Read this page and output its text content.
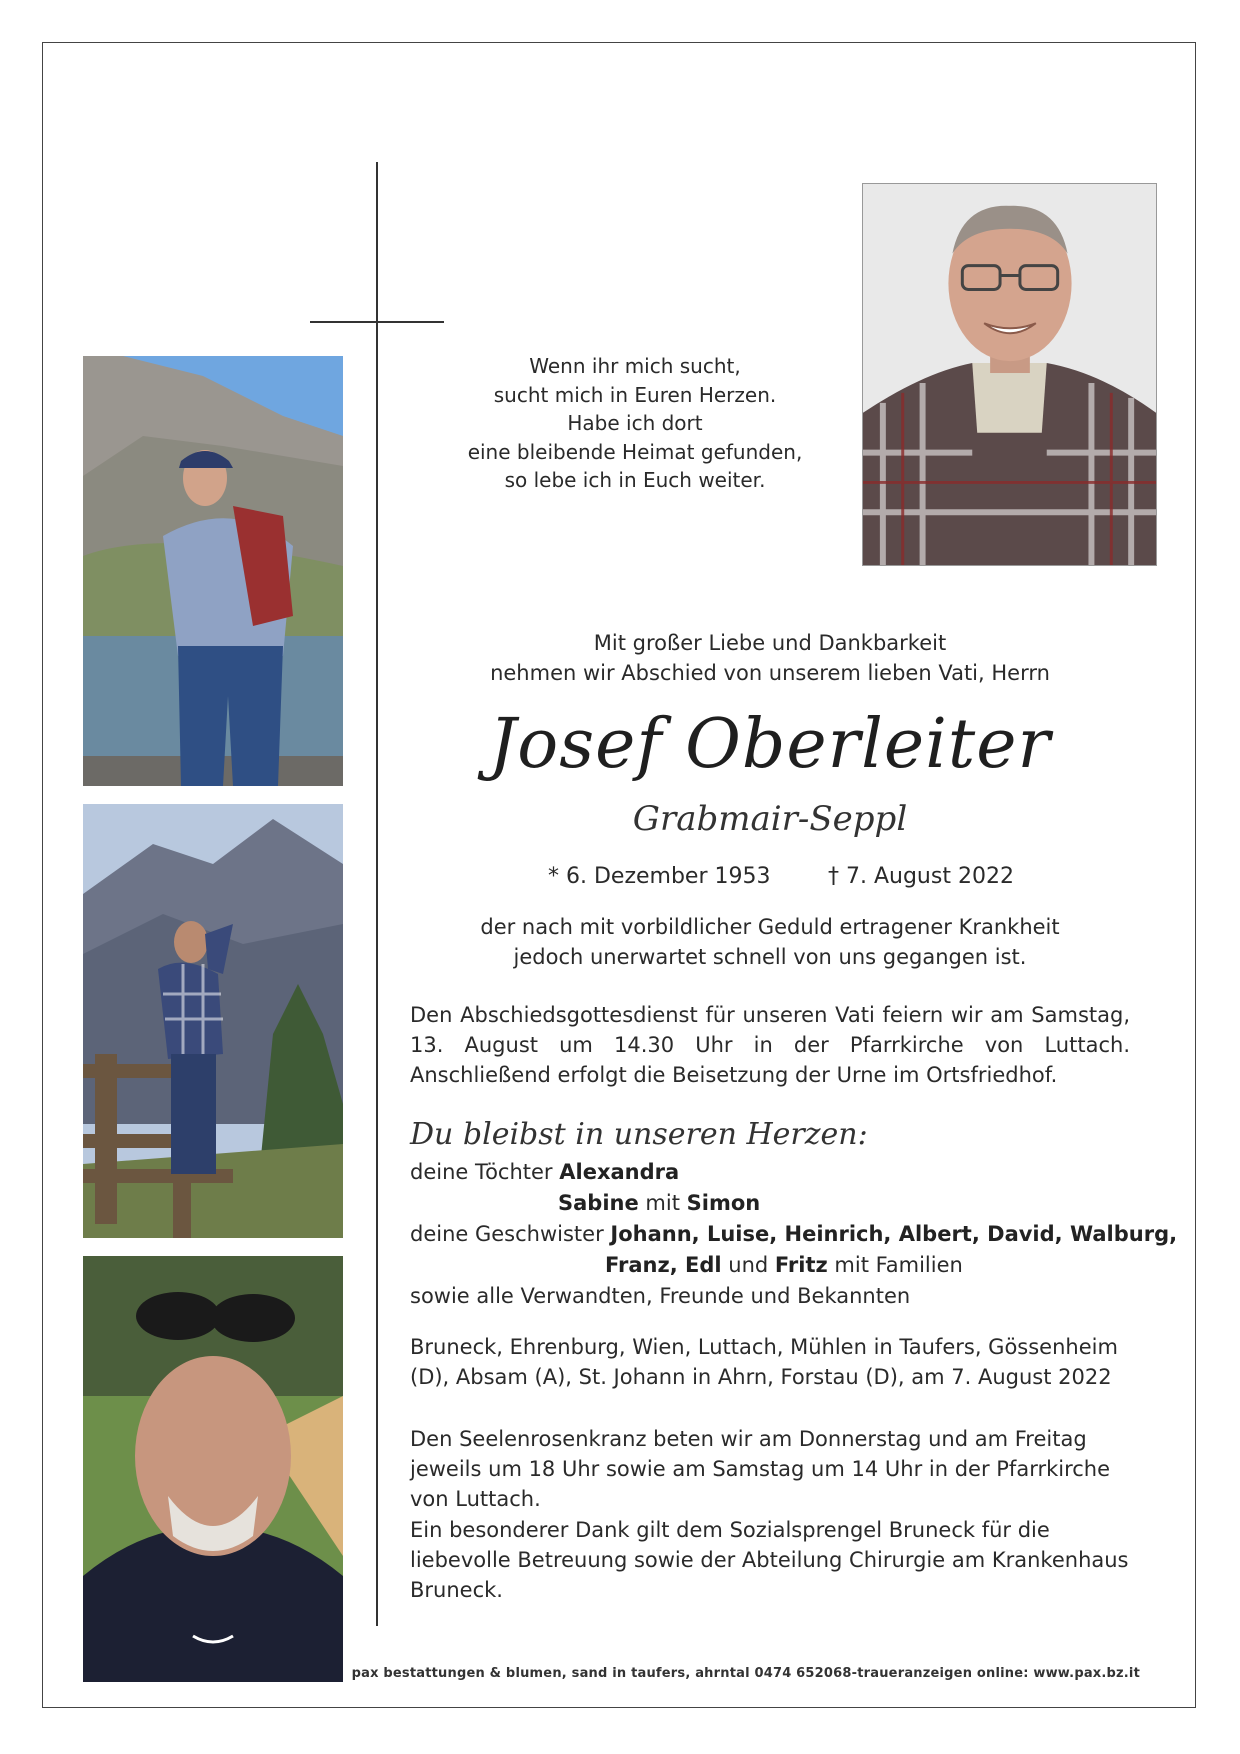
Wenn ihr mich sucht,
sucht mich in Euren Herzen.
Habe ich dort
eine bleibende Heimat gefunden,
so lebe ich in Euch weiter.
Mit großer Liebe und Dankbarkeit
nehmen wir Abschied von unserem lieben Vati, Herrn
Josef Oberleiter
Grabmair-Seppl
* 6. Dezember 1953	† 7. August 2022
der nach mit vorbildlicher Geduld ertragener Krankheit
jedoch unerwartet schnell von uns gegangen ist.
Den Abschiedsgottesdienst für unseren Vati feiern wir am Samstag, 13. August um 14.30 Uhr in der Pfarrkirche von Luttach. Anschließend erfolgt die Beisetzung der Urne im Ortsfriedhof.
Du bleibst in unseren Herzen:
deine Töchter Alexandra
Sabine mit Simon
deine Geschwister Johann, Luise, Heinrich, Albert, David, Walburg,
Franz, Edl und Fritz mit Familien
sowie alle Verwandten, Freunde und Bekannten
Bruneck, Ehrenburg, Wien, Luttach, Mühlen in Taufers, Gössenheim (D), Absam (A), St. Johann in Ahrn, Forstau (D), am 7. August 2022
Den Seelenrosenkranz beten wir am Donnerstag und am Freitag jeweils um 18 Uhr sowie am Samstag um 14 Uhr in der Pfarrkirche von Luttach.
Ein besonderer Dank gilt dem Sozialsprengel Bruneck für die liebevolle Betreuung sowie der Abteilung Chirurgie am Krankenhaus Bruneck.
pax bestattungen & blumen, sand in taufers, ahrntal 0474 652068-traueranzeigen online: www.pax.bz.it
